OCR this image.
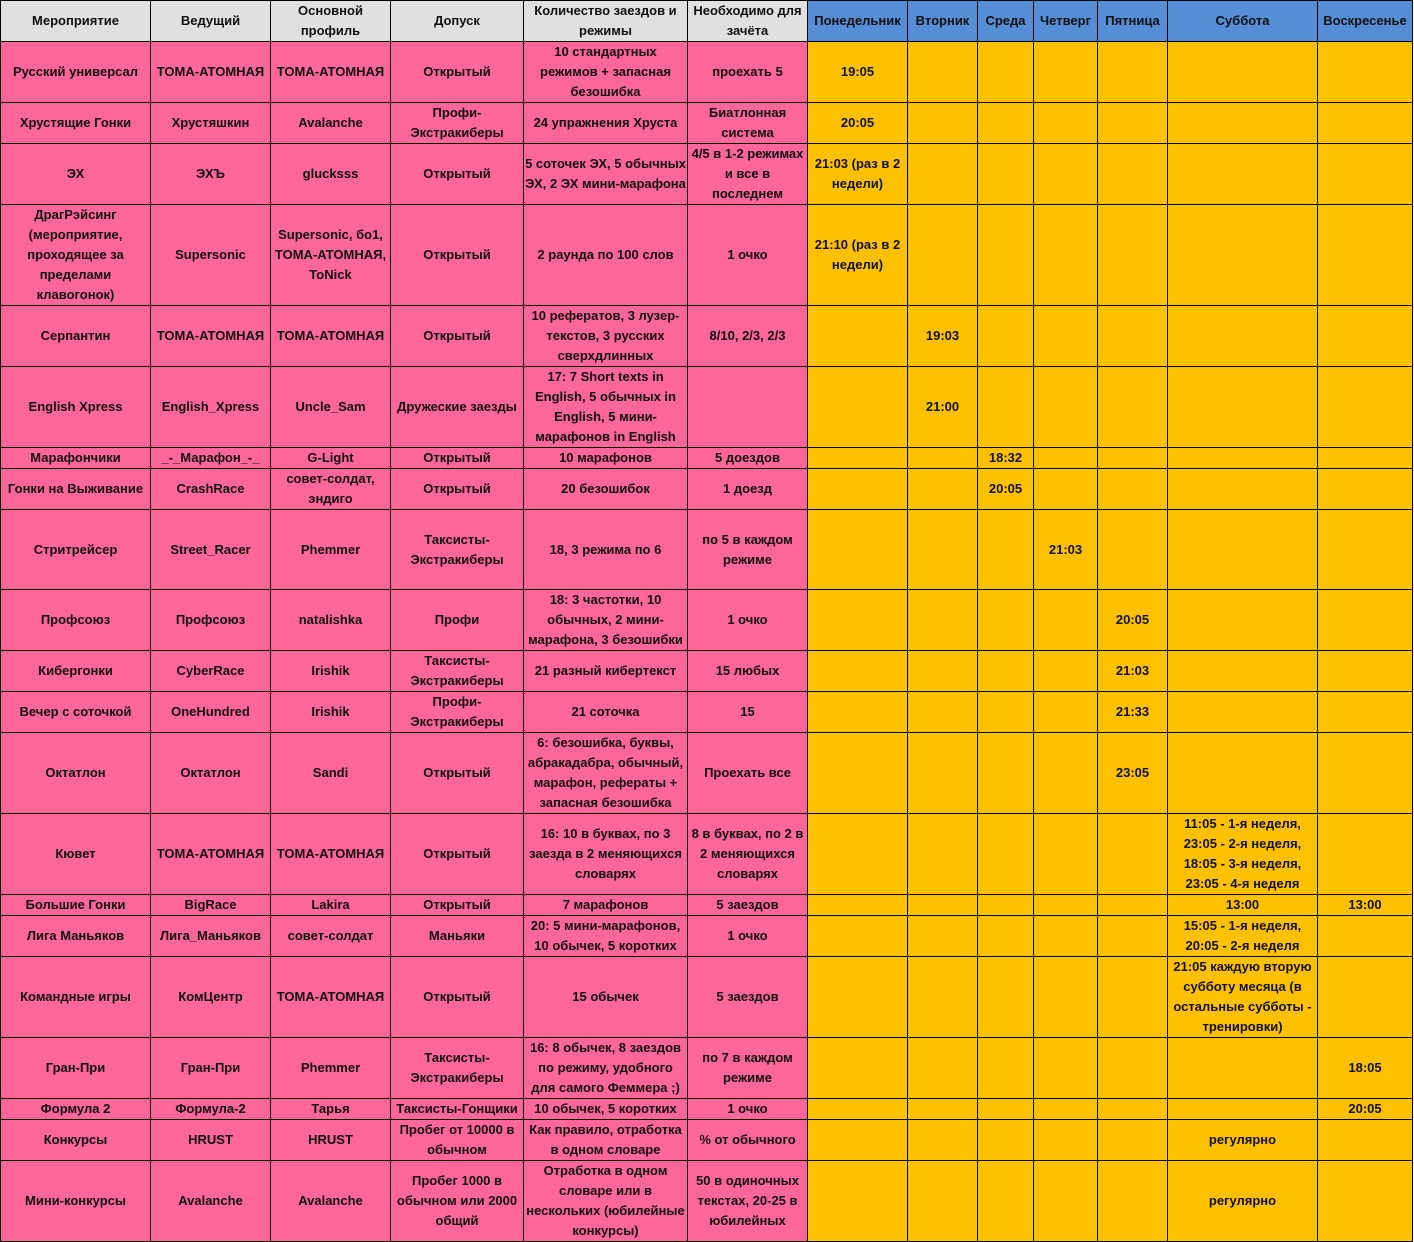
Мероприятие	Ведущий	Основной профиль	Допуск	Количество заездов и режимы	Необходимо для зачёта	Понедельник	Вторник	Среда	Четверг	Пятница	Суббота	Воскресенье
Русский универсал	TOMA-ATOMHAЯ	TOMA-ATOMHAЯ	Открытый	10 стандартных режимов + запасная безошибка	проехать 5	19:05						
Хрустящие Гонки	Хрустяшкин	Avalanche	Профи-Экстракиберы	24 упражнения Хруста	Биатлонная система	20:05						
ЭХ	ЭХЪ	glucksss	Открытый	5 соточек ЭХ, 5 обычных ЭХ, 2 ЭХ мини-марафона	4/5 в 1-2 режимах и все в последнем	21:03 (раз в 2 недели)						
ДрагРэйсинг (мероприятие, проходящее за пределами клавогонок)	Supersonic	Supersonic, бо1, TOMA-ATOMHAЯ, ToNick	Открытый	2 раунда по 100 слов	1 очко	21:10 (раз в 2 недели)						
Серпантин	TOMA-ATOMHAЯ	TOMA-ATOMHAЯ	Открытый	10 рефератов, 3 лузер-текстов, 3 русских сверхдлинных	8/10, 2/3, 2/3		19:03					
English Xpress	English_Xpress	Uncle_Sam	Дружеские заезды	17: 7 Short texts in English, 5 обычных in English, 5 мини-марафонов in English			21:00					
Марафончики	_-_Марафон_-_	G-Light	Открытый	10 марафонов	5 доездов			18:32				
Гонки на Выживание	CrashRace	совет-солдат, эндиго	Открытый	20 безошибок	1 доезд			20:05				
Стритрейсер	Street_Racer	Phemmer	Таксисты-Экстракиберы	18, 3 режима по 6	по 5 в каждом режиме				21:03			
Профсоюз	Профсоюз	natalishka	Профи	18: 3 частотки, 10 обычных, 2 мини-марафона, 3 безошибки	1 очко					20:05		
Кибергонки	CyberRace	Irishik	Таксисты-Экстракиберы	21 разный кибертекст	15 любых					21:03		
Вечер с соточкой	OneHundred	Irishik	Профи-Экстракиберы	21 соточка	15					21:33		
Октатлон	Октатлон	Sandi	Открытый	6: безошибка, буквы, абракадабра, обычный, марафон, рефераты + запасная безошибка	Проехать все					23:05		
Кювет	TOMA-ATOMHAЯ	TOMA-ATOMHAЯ	Открытый	16: 10 в буквах, по 3 заезда в 2 меняющихся словарях	8 в буквах, по 2 в 2 меняющихся словарях						11:05 - 1-я неделя, 23:05 - 2-я неделя, 18:05 - 3-я неделя, 23:05 - 4-я неделя	
Большие Гонки	BigRace	Lakira	Открытый	7 марафонов	5 заездов						13:00	13:00
Лига Маньяков	Лига_Маньяков	совет-солдат	Маньяки	20: 5 мини-марафонов, 10 обычек, 5 коротких	1 очко						15:05 - 1-я неделя, 20:05 - 2-я неделя	
Командные игры	КомЦентр	TOMA-ATOMHAЯ	Открытый	15 обычек	5 заездов						21:05 каждую вторую субботу месяца (в остальные субботы - тренировки)	
Гран-При	Гран-При	Phemmer	Таксисты-Экстракиберы	16: 8 обычек, 8 заездов по режиму, удобного для самого Феммера ;)	по 7 в каждом режиме							18:05
Формула 2	Формула-2	Тарья	Таксисты-Гонщики	10 обычек, 5 коротких	1 очко							20:05
Конкурсы	HRUST	HRUST	Пробег от 10000 в обычном	Как правило, отработка в одном словаре	% от обычного						регулярно	
Мини-конкурсы	Avalanche	Avalanche	Пробег 1000 в обычном или 2000 общий	Отработка в одном словаре или в нескольких (юбилейные конкурсы)	50 в одиночных текстах, 20-25 в юбилейных						регулярно	
